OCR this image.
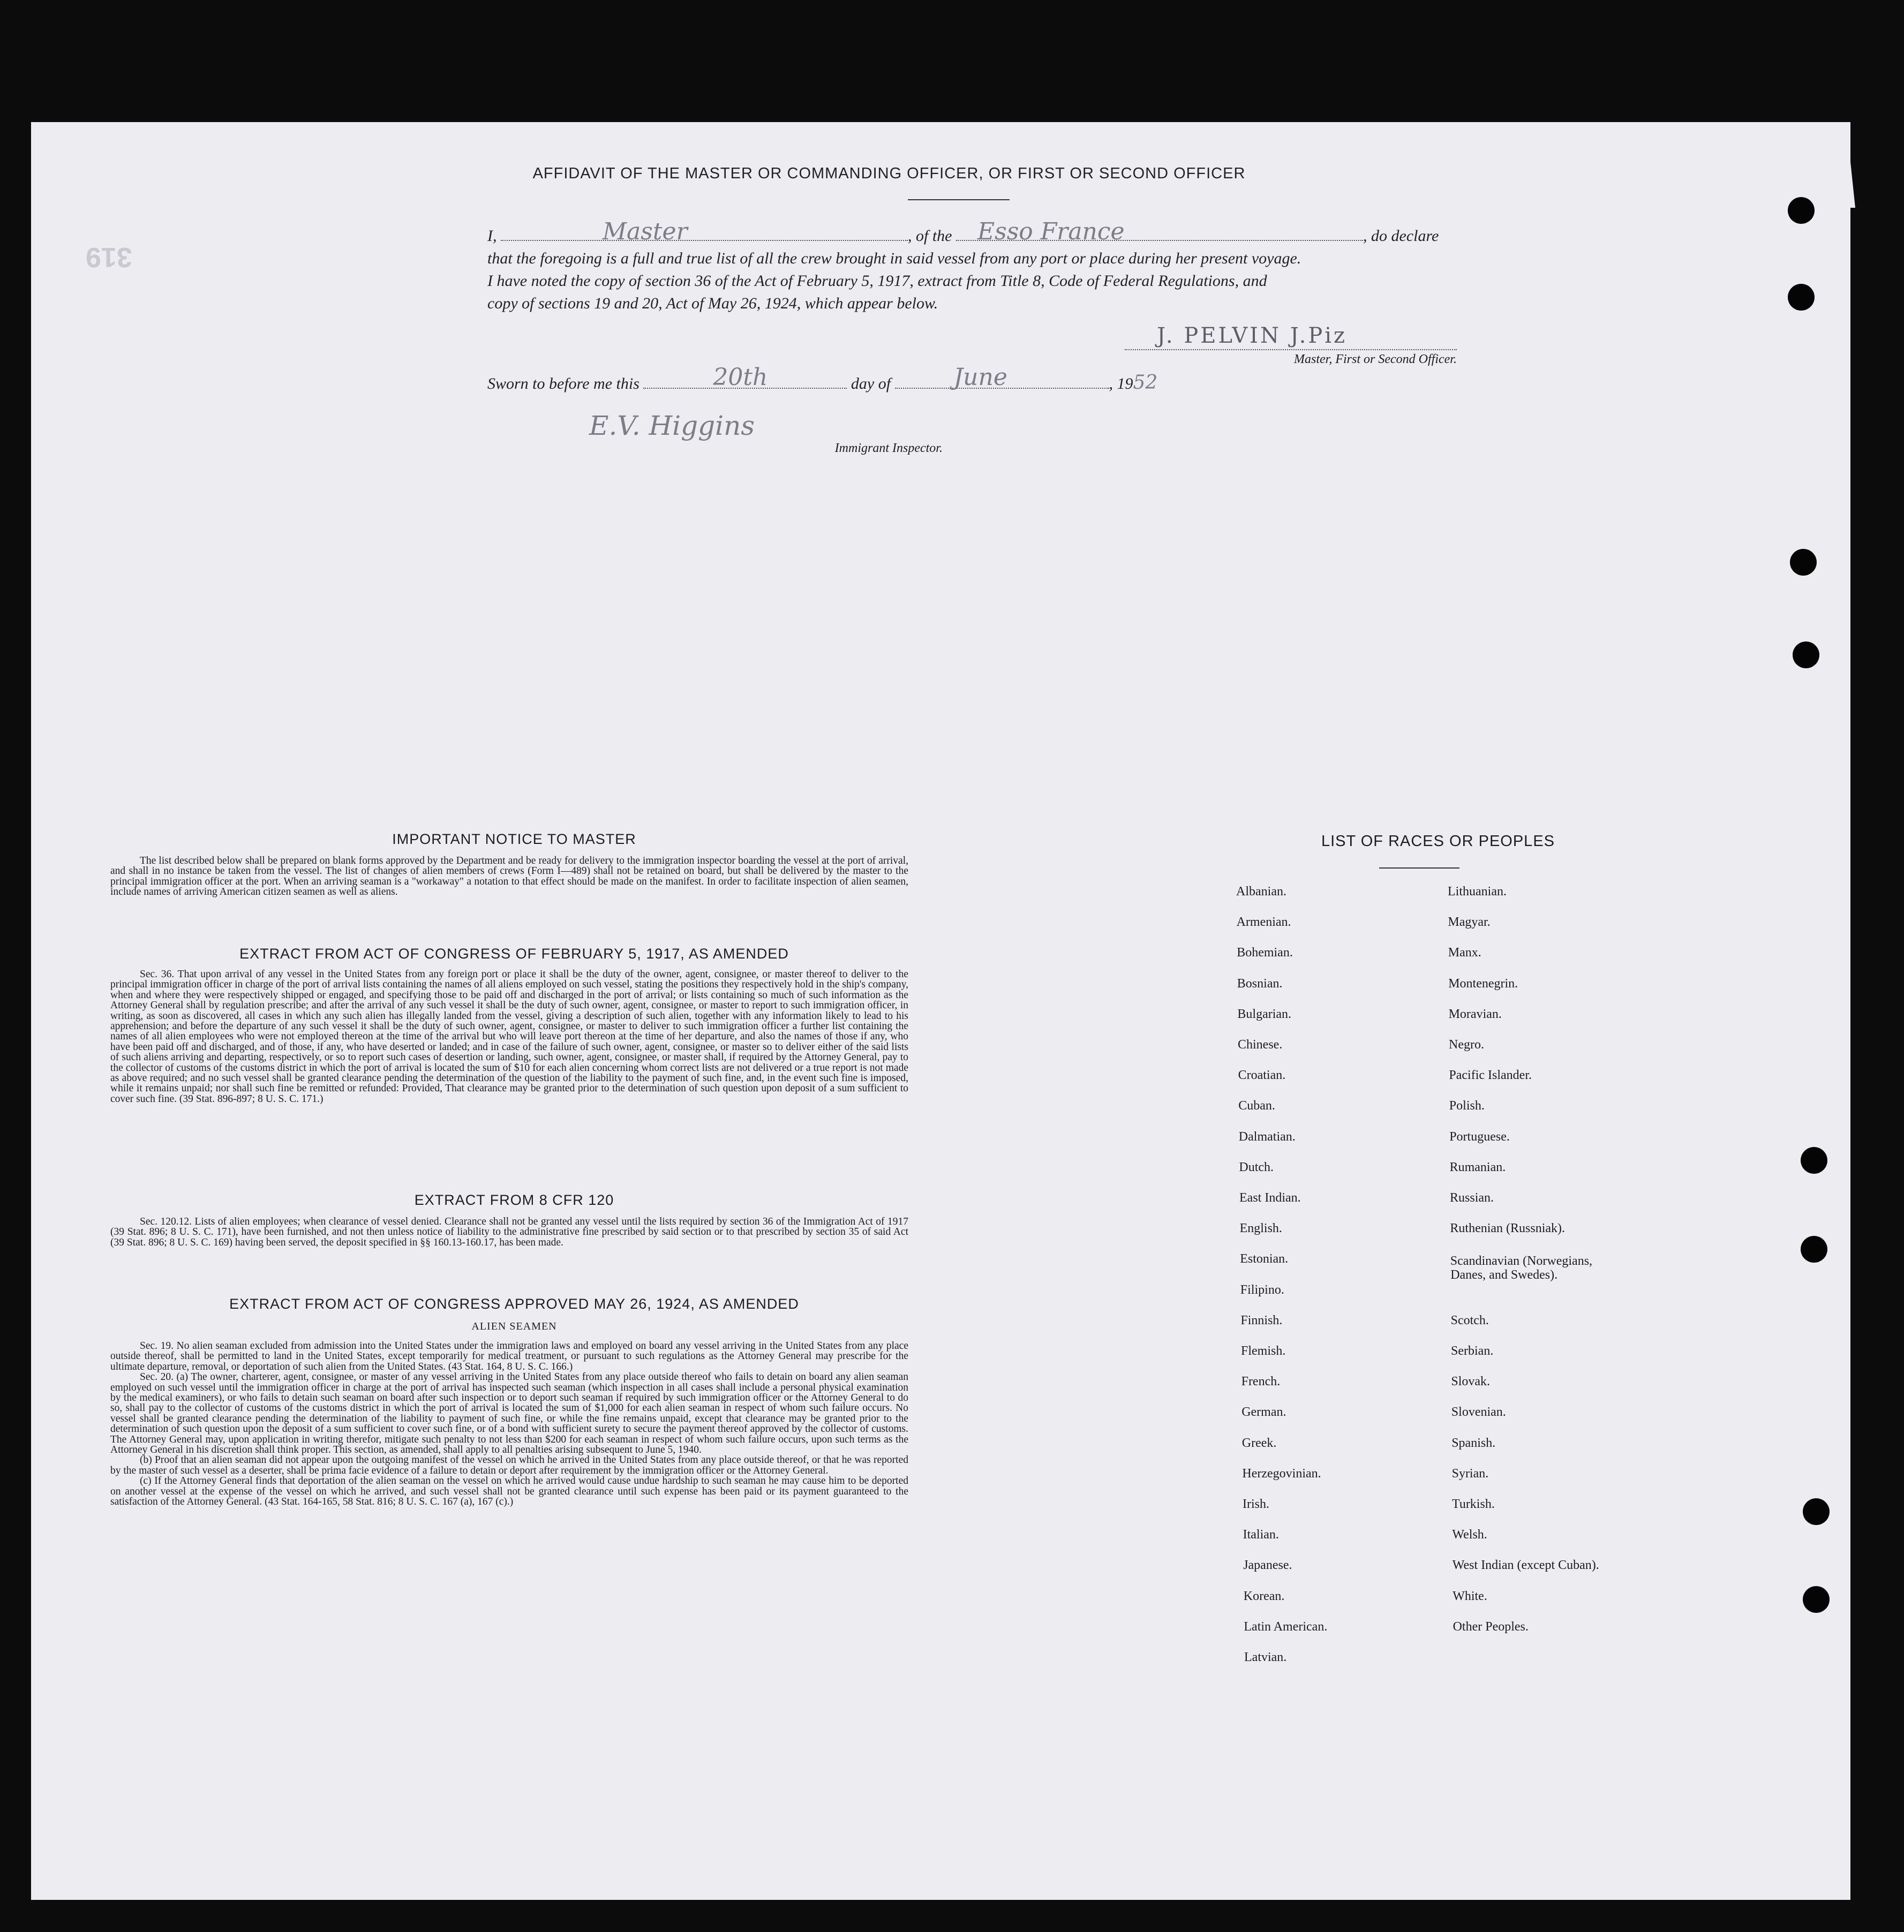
319
AFFIDAVIT OF THE MASTER OR COMMANDING OFFICER, OR FIRST OR SECOND OFFICER
I,	Master	, of the Esso France	, do declare
that the foregoing is a full and true list of all the crew brought in said vessel from any port or place during her present voyage.
I have noted the copy of section 36 of the Act of February 5, 1917, extract from Title 8, Code of Federal Regulations, and
copy of sections 19 and 20, Act of May 26, 1924, which appear below.
J. PELVIN J.Piz
Master, First or Second Officer.
Sworn to before me this	20th	day of	June	, 1952
E.V. Higgins
Immigrant Inspector.
IMPORTANT NOTICE TO MASTER

The list described below shall be prepared on blank forms approved by the Department and be ready for delivery to the immigration inspector boarding the vessel at the port of arrival, and shall in no instance be taken from the vessel. The list of changes of alien members of crews (Form I—489) shall not be retained on board, but shall be delivered by the master to the principal immigration officer at the port. When an arriving seaman is a "workaway" a notation to that effect should be made on the manifest. In order to facilitate inspection of alien seamen, include names of arriving American citizen seamen as well as aliens.

EXTRACT FROM ACT OF CONGRESS OF FEBRUARY 5, 1917, AS AMENDED

Sec. 36. That upon arrival of any vessel in the United States from any foreign port or place it shall be the duty of the owner, agent, consignee, or master thereof to deliver to the principal immigration officer in charge of the port of arrival lists containing the names of all aliens employed on such vessel, stating the positions they respectively hold in the ship's company, when and where they were respectively shipped or engaged, and specifying those to be paid off and discharged in the port of arrival; or lists containing so much of such information as the Attorney General shall by regulation prescribe; and after the arrival of any such vessel it shall be the duty of such owner, agent, consignee, or master to report to such immigration officer, in writing, as soon as discovered, all cases in which any such alien has illegally landed from the vessel, giving a description of such alien, together with any information likely to lead to his apprehension; and before the departure of any such vessel it shall be the duty of such owner, agent, consignee, or master to deliver to such immigration officer a further list containing the names of all alien employees who were not employed thereon at the time of the arrival but who will leave port thereon at the time of her departure, and also the names of those if any, who have been paid off and discharged, and of those, if any, who have deserted or landed; and in case of the failure of such owner, agent, consignee, or master so to deliver either of the said lists of such aliens arriving and departing, respectively, or so to report such cases of desertion or landing, such owner, agent, consignee, or master shall, if required by the Attorney General, pay to the collector of customs of the customs district in which the port of arrival is located the sum of $10 for each alien concerning whom correct lists are not delivered or a true report is not made as above required; and no such vessel shall be granted clearance pending the determination of the question of the liability to the payment of such fine, and, in the event such fine is imposed, while it remains unpaid; nor shall such fine be remitted or refunded: Provided, That clearance may be granted prior to the determination of such question upon deposit of a sum sufficient to cover such fine. (39 Stat. 896-897; 8 U. S. C. 171.)

EXTRACT FROM 8 CFR 120

Sec. 120.12. Lists of alien employees; when clearance of vessel denied. Clearance shall not be granted any vessel until the lists required by section 36 of the Immigration Act of 1917 (39 Stat. 896; 8 U. S. C. 171), have been furnished, and not then unless notice of liability to the administrative fine prescribed by said section or to that prescribed by section 35 of said Act (39 Stat. 896; 8 U. S. C. 169) having been served, the deposit specified in §§ 160.13-160.17, has been made.

EXTRACT FROM ACT OF CONGRESS APPROVED MAY 26, 1924, AS AMENDED
ALIEN SEAMEN

Sec. 19. No alien seaman excluded from admission into the United States under the immigration laws and employed on board any vessel arriving in the United States from any place outside thereof, shall be permitted to land in the United States, except temporarily for medical treatment, or pursuant to such regulations as the Attorney General may prescribe for the ultimate departure, removal, or deportation of such alien from the United States. (43 Stat. 164, 8 U. S. C. 166.)

Sec. 20. (a) The owner, charterer, agent, consignee, or master of any vessel arriving in the United States from any place outside thereof who fails to detain on board any alien seaman employed on such vessel until the immigration officer in charge at the port of arrival has inspected such seaman (which inspection in all cases shall include a personal physical examination by the medical examiners), or who fails to detain such seaman on board after such inspection or to deport such seaman if required by such immigration officer or the Attorney General to do so, shall pay to the collector of customs of the customs district in which the port of arrival is located the sum of $1,000 for each alien seaman in respect of whom such failure occurs. No vessel shall be granted clearance pending the determination of the liability to payment of such fine, or while the fine remains unpaid, except that clearance may be granted prior to the determination of such question upon the deposit of a sum sufficient to cover such fine, or of a bond with sufficient surety to secure the payment thereof approved by the collector of customs. The Attorney General may, upon application in writing therefor, mitigate such penalty to not less than $200 for each seaman in respect of whom such failure occurs, upon such terms as the Attorney General in his discretion shall think proper. This section, as amended, shall apply to all penalties arising subsequent to June 5, 1940.

(b) Proof that an alien seaman did not appear upon the outgoing manifest of the vessel on which he arrived in the United States from any place outside thereof, or that he was reported by the master of such vessel as a deserter, shall be prima facie evidence of a failure to detain or deport after requirement by the immigration officer or the Attorney General.

(c) If the Attorney General finds that deportation of the alien seaman on the vessel on which he arrived would cause undue hardship to such seaman he may cause him to be deported on another vessel at the expense of the vessel on which he arrived, and such vessel shall not be granted clearance until such expense has been paid or its payment guaranteed to the satisfaction of the Attorney General. (43 Stat. 164-165, 58 Stat. 816; 8 U. S. C. 167 (a), 167 (c).)

LIST OF RACES OR PEOPLES
Albanian.
Armenian.
Bohemian.
Bosnian.
Bulgarian.
Chinese.
Croatian.
Cuban.
Dalmatian.
Dutch.
East Indian.
English.
Estonian.
Filipino.
Finnish.
Flemish.
French.
German.
Greek.
Herzegovinian.
Irish.
Italian.
Japanese.
Korean.
Latin American.
Latvian.
Lithuanian.
Magyar.
Manx.
Montenegrin.
Moravian.
Negro.
Pacific Islander.
Polish.
Portuguese.
Rumanian.
Russian.
Ruthenian (Russniak).
Scandinavian (Norwegians,
Danes, and Swedes).
Scotch.
Serbian.
Slovak.
Slovenian.
Spanish.
Syrian.
Turkish.
Welsh.
West Indian (except Cuban).
White.
Other Peoples.
